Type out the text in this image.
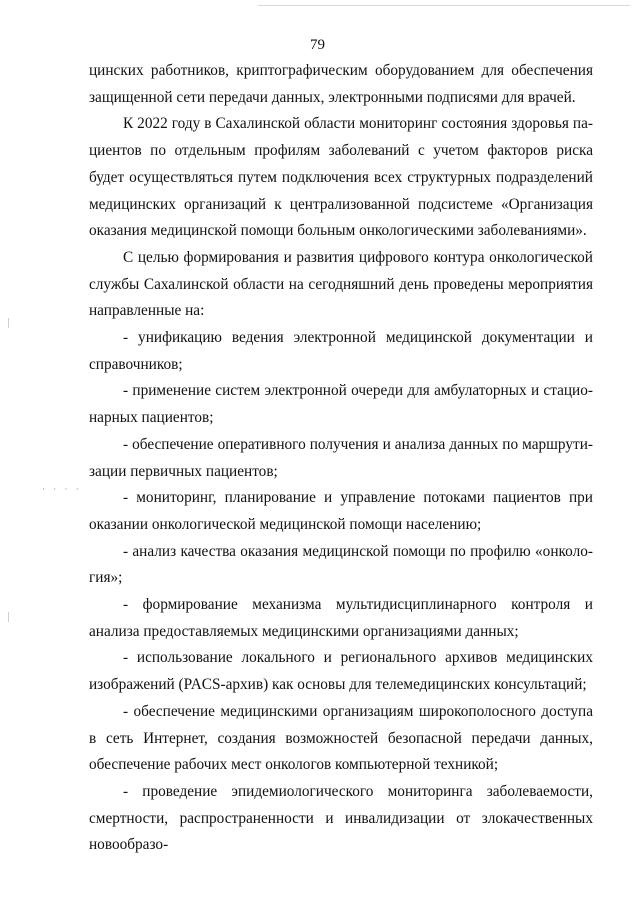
· · · ·
79

цинских работников, криптографическим оборудованием для обеспечения защищенной сети передачи данных, электронными подписями для врачей.

К 2022 году в Сахалинской области мониторинг состояния здоровья пациентов по отдельным профилям заболеваний с учетом факторов риска будет осуществляться путем подключения всех структурных подразделений медицинских организаций к централизованной подсистеме «Организация оказания медицинской помощи больным онкологическими заболеваниями».

С целью формирования и развития цифрового контура онкологической службы Сахалинской области на сегодняшний день проведены мероприятия направленные на:

- унификацию ведения электронной медицинской документации и справочников;

- применение систем электронной очереди для амбулаторных и стационарных пациентов;

- обеспечение оперативного получения и анализа данных по маршрутизации первичных пациентов;

- мониторинг, планирование и управление потоками пациентов при оказании онкологической медицинской помощи населению;

- анализ качества оказания медицинской помощи по профилю «онкология»;

- формирование механизма мультидисциплинарного контроля и анализа предоставляемых медицинскими организациями данных;

- использование локального и регионального архивов медицинских изображений (PACS-архив) как основы для телемедицинских консультаций;

- обеспечение медицинскими организациям широкополосного доступа в сеть Интернет, создания возможностей безопасной передачи данных, обеспечение рабочих мест онкологов компьютерной техникой;

- проведение эпидемиологического мониторинга заболеваемости, смертности, распространенности и инвалидизации от злокачественных новообразо-
